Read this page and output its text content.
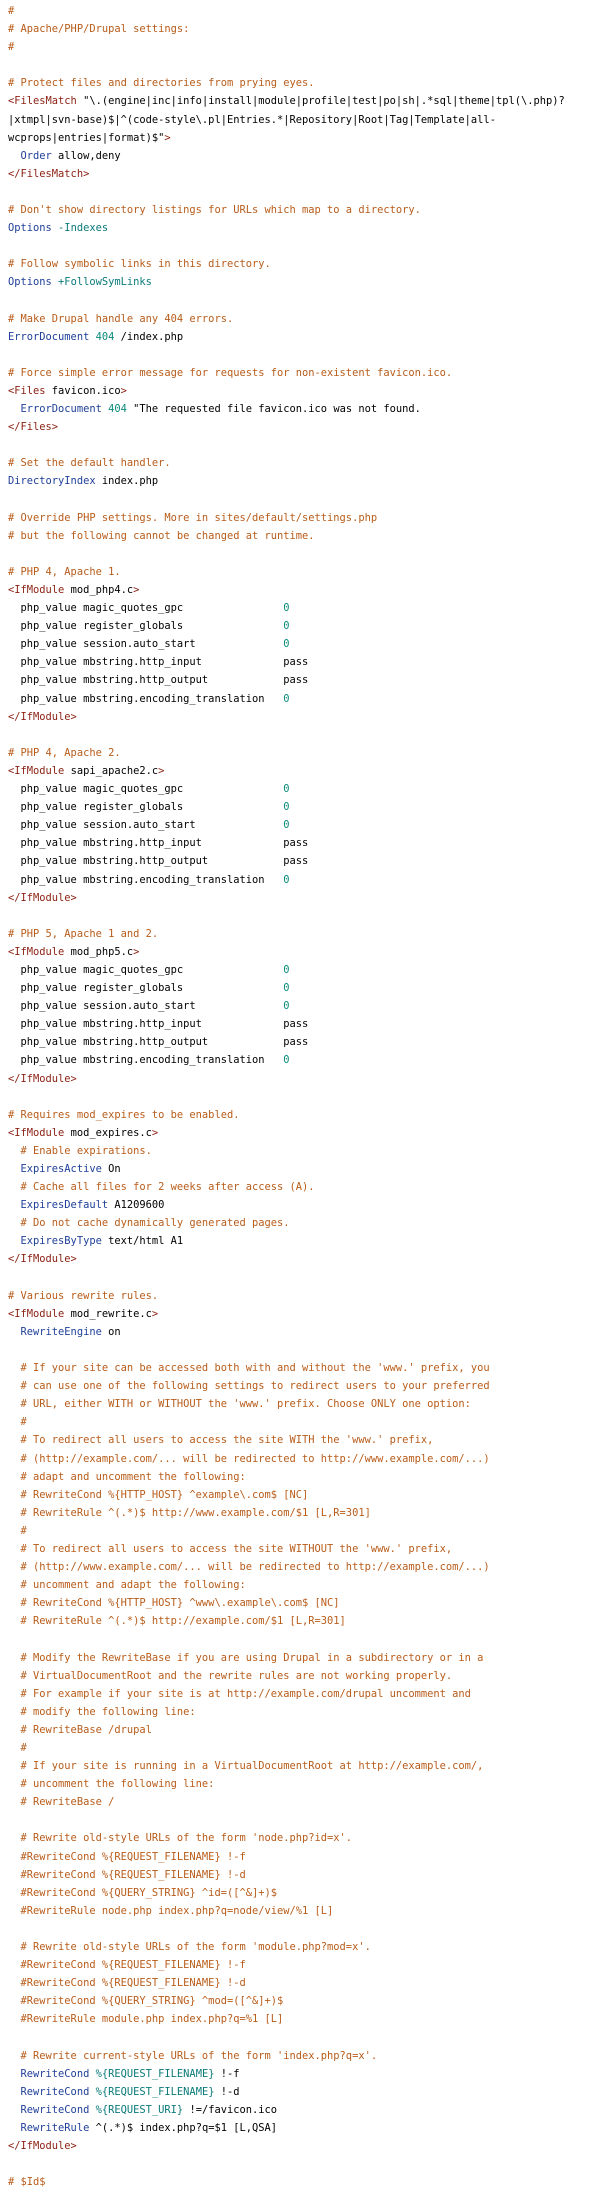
#
# Apache/PHP/Drupal settings:
#

# Protect files and directories from prying eyes.
<FilesMatch "\.(engine|inc|info|install|module|profile|test|po|sh|.*sql|theme|tpl(\.php)?
|xtmpl|svn-base)$|^(code-style\.pl|Entries.*|Repository|Root|Tag|Template|all-
wcprops|entries|format)$">
Order allow,deny
</FilesMatch>

# Don't show directory listings for URLs which map to a directory.
Options -Indexes

# Follow symbolic links in this directory.
Options +FollowSymLinks

# Make Drupal handle any 404 errors.
ErrorDocument 404 /index.php

# Force simple error message for requests for non-existent favicon.ico.
<Files favicon.ico>
ErrorDocument 404 "The requested file favicon.ico was not found.
</Files>

# Set the default handler.
DirectoryIndex index.php

# Override PHP settings. More in sites/default/settings.php
# but the following cannot be changed at runtime.

# PHP 4, Apache 1.
<IfModule mod_php4.c>
php_value magic_quotes_gpc                0
php_value register_globals                0
php_value session.auto_start              0
php_value mbstring.http_input             pass
php_value mbstring.http_output            pass
php_value mbstring.encoding_translation   0
</IfModule>

# PHP 4, Apache 2.
<IfModule sapi_apache2.c>
php_value magic_quotes_gpc                0
php_value register_globals                0
php_value session.auto_start              0
php_value mbstring.http_input             pass
php_value mbstring.http_output            pass
php_value mbstring.encoding_translation   0
</IfModule>

# PHP 5, Apache 1 and 2.
<IfModule mod_php5.c>
php_value magic_quotes_gpc                0
php_value register_globals                0
php_value session.auto_start              0
php_value mbstring.http_input             pass
php_value mbstring.http_output            pass
php_value mbstring.encoding_translation   0
</IfModule>

# Requires mod_expires to be enabled.
<IfModule mod_expires.c>
# Enable expirations.
ExpiresActive On
# Cache all files for 2 weeks after access (A).
ExpiresDefault A1209600
# Do not cache dynamically generated pages.
ExpiresByType text/html A1
</IfModule>

# Various rewrite rules.
<IfModule mod_rewrite.c>
RewriteEngine on

# If your site can be accessed both with and without the 'www.' prefix, you
# can use one of the following settings to redirect users to your preferred
# URL, either WITH or WITHOUT the 'www.' prefix. Choose ONLY one option:
#
# To redirect all users to access the site WITH the 'www.' prefix,
# (http://example.com/... will be redirected to http://www.example.com/...)
# adapt and uncomment the following:
# RewriteCond %{HTTP_HOST} ^example\.com$ [NC]
# RewriteRule ^(.*)$ http://www.example.com/$1 [L,R=301]
#
# To redirect all users to access the site WITHOUT the 'www.' prefix,
# (http://www.example.com/... will be redirected to http://example.com/...)
# uncomment and adapt the following:
# RewriteCond %{HTTP_HOST} ^www\.example\.com$ [NC]
# RewriteRule ^(.*)$ http://example.com/$1 [L,R=301]

# Modify the RewriteBase if you are using Drupal in a subdirectory or in a
# VirtualDocumentRoot and the rewrite rules are not working properly.
# For example if your site is at http://example.com/drupal uncomment and
# modify the following line:
# RewriteBase /drupal
#
# If your site is running in a VirtualDocumentRoot at http://example.com/,
# uncomment the following line:
# RewriteBase /

# Rewrite old-style URLs of the form 'node.php?id=x'.
#RewriteCond %{REQUEST_FILENAME} !-f
#RewriteCond %{REQUEST_FILENAME} !-d
#RewriteCond %{QUERY_STRING} ^id=([^&]+)$
#RewriteRule node.php index.php?q=node/view/%1 [L]

# Rewrite old-style URLs of the form 'module.php?mod=x'.
#RewriteCond %{REQUEST_FILENAME} !-f
#RewriteCond %{REQUEST_FILENAME} !-d
#RewriteCond %{QUERY_STRING} ^mod=([^&]+)$
#RewriteRule module.php index.php?q=%1 [L]

# Rewrite current-style URLs of the form 'index.php?q=x'.
RewriteCond %{REQUEST_FILENAME} !-f
RewriteCond %{REQUEST_FILENAME} !-d
RewriteCond %{REQUEST_URI} !=/favicon.ico
RewriteRule ^(.*)$ index.php?q=$1 [L,QSA]
</IfModule>

# $Id$
